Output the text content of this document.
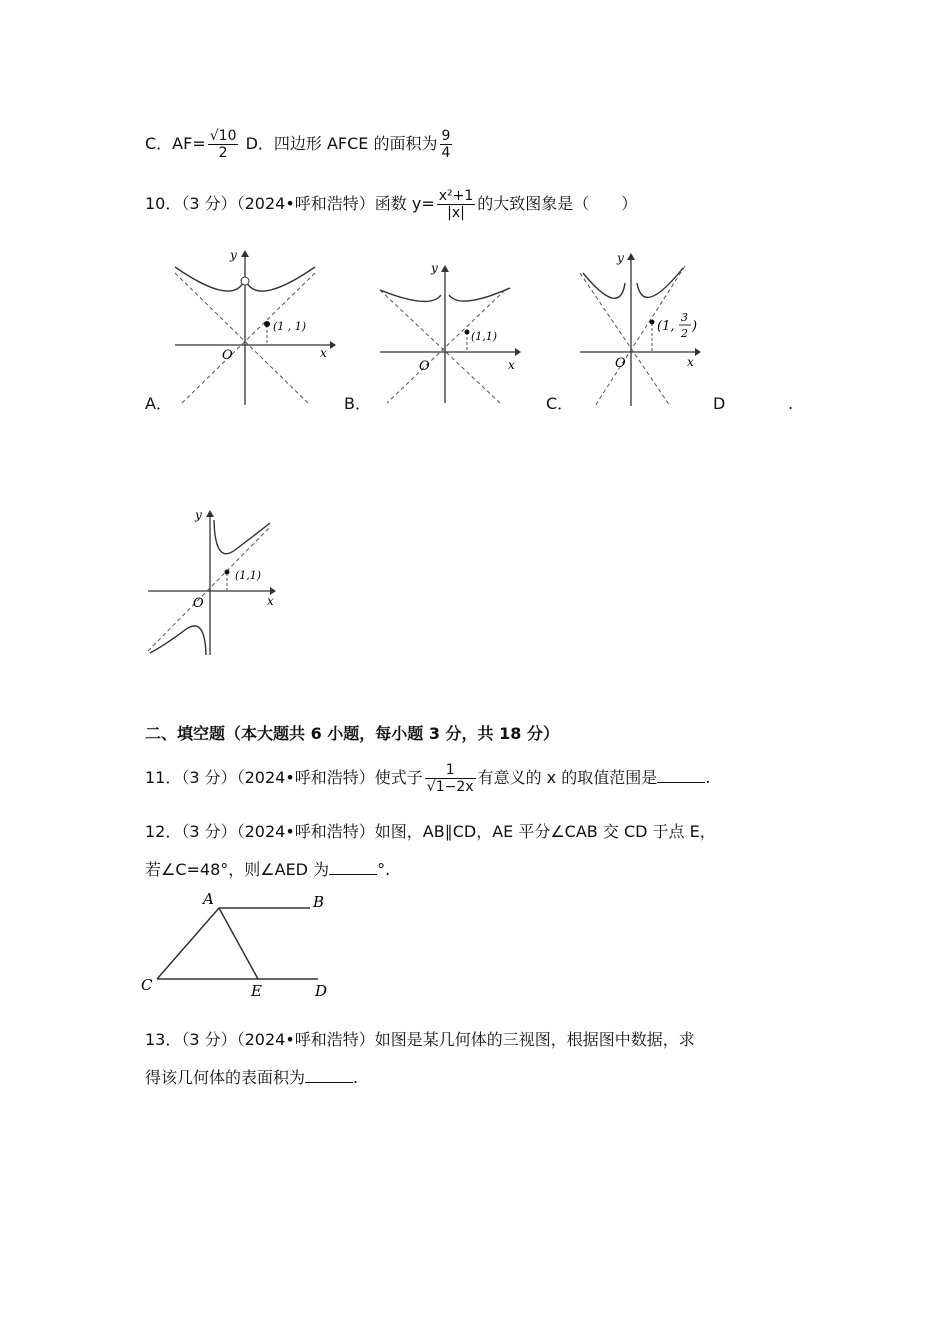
C．$AF= \frac{√10}{2}$ D．四边形 AFCE 的面积为 $\frac{9}{4}$
10．（3 分）（2024•呼和浩特）函数 $y= \frac{\text{x²+1}}{|x|}$ 的大致图象是（　　）
y
x
O
(1 , 1)
y
x
O
(1,1)
y
x
O
(1,
3
2 )
A．	B．	C．	D	.
y
x
O
(1,1)
二、填空题（本大题共 6 小题，每小题 3 分，共 18 分）
11．（3 分）（2024•呼和浩特）使式子 $\frac{1}{√1-2x}$ 有意义的 x 的取值范围是	.
12．（3 分）（2024•呼和浩特）如图，AB∥CD，AE 平分∠CAB 交 CD 于点 E，
若∠C=48°，则∠AED 为	°.
A	B
C	D
E
13．（3 分）（2024•呼和浩特）如图是某几何体的三视图，根据图中数据，求
得该几何体的表面积为	.
